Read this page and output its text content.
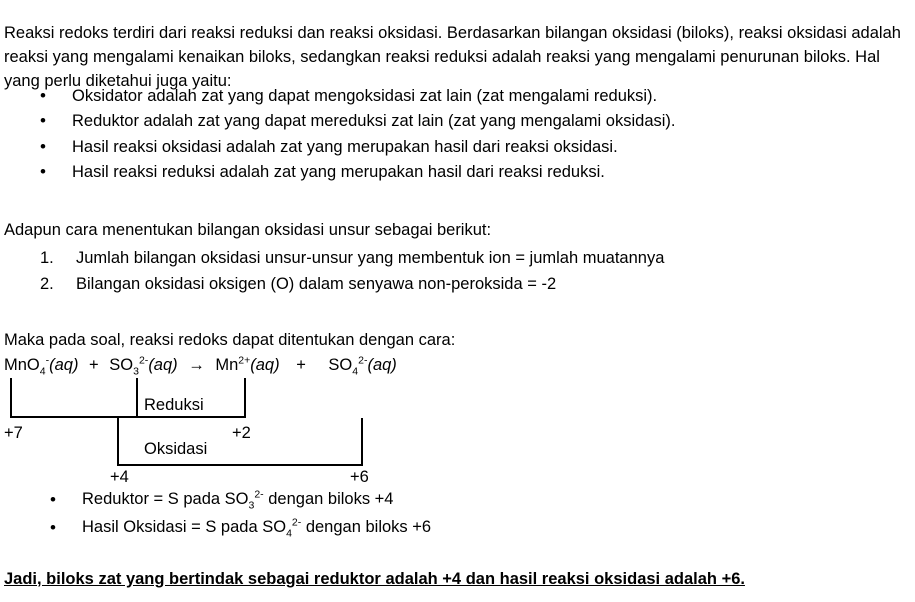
Reaksi redoks terdiri dari reaksi reduksi dan reaksi oksidasi. Berdasarkan bilangan oksidasi (biloks), reaksi oksidasi adalah reaksi yang mengalami kenaikan biloks, sedangkan reaksi reduksi adalah reaksi yang mengalami penurunan biloks. Hal yang perlu diketahui juga yaitu:

• Oksidator adalah zat yang dapat mengoksidasi zat lain (zat mengalami reduksi).
• Reduktor adalah zat yang dapat mereduksi zat lain (zat yang mengalami oksidasi).
• Hasil reaksi oksidasi adalah zat yang merupakan hasil dari reaksi oksidasi.
• Hasil reaksi reduksi adalah zat yang merupakan hasil dari reaksi reduksi.
Adapun cara menentukan bilangan oksidasi unsur sebagai berikut:
1. Jumlah bilangan oksidasi unsur-unsur yang membentuk ion = jumlah muatannya
2. Bilangan oksidasi oksigen (O) dalam senyawa non-peroksida = -2
Maka pada soal, reaksi redoks dapat ditentukan dengan cara:
$MnO_4^-(aq) + SO_3^{2-}(aq) \to Mn^{2+}(aq) + SO_4^{2-}(aq)$
Reduksi
Oksidasi
+7	+2
+4	+6
• Reduktor = S pada $SO_3^{2-}$ dengan biloks +4
• Hasil Oksidasi = S pada $SO_4^{2-}$ dengan biloks +6
Jadi, biloks zat yang bertindak sebagai reduktor adalah +4 dan hasil reaksi oksidasi adalah +6.
